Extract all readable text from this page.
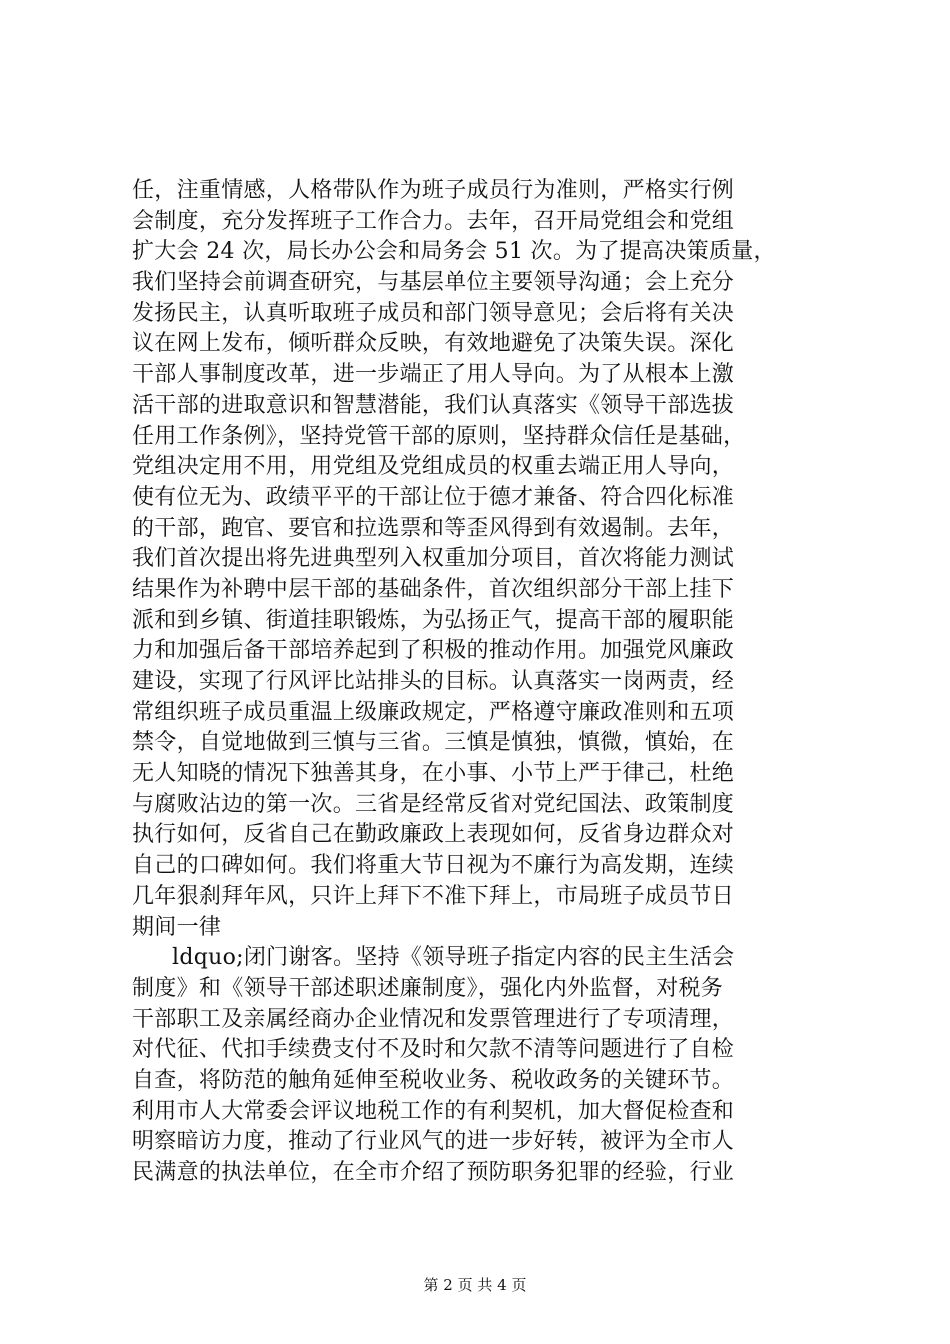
任，注重情感，人格带队作为班子成员行为准则，严格实行例
会制度，充分发挥班子工作合力。去年，召开局党组会和党组
扩大会 24 次，局长办公会和局务会 51 次。为了提高决策质量，
我们坚持会前调查研究，与基层单位主要领导沟通；会上充分
发扬民主，认真听取班子成员和部门领导意见；会后将有关决
议在网上发布，倾听群众反映，有效地避免了决策失误。深化
干部人事制度改革，进一步端正了用人导向。为了从根本上激
活干部的进取意识和智慧潜能，我们认真落实《领导干部选拔
任用工作条例》，坚持党管干部的原则，坚持群众信任是基础，
党组决定用不用，用党组及党组成员的权重去端正用人导向，
使有位无为、政绩平平的干部让位于德才兼备、符合四化标准
的干部，跑官、要官和拉选票和等歪风得到有效遏制。去年，
我们首次提出将先进典型列入权重加分项目，首次将能力测试
结果作为补聘中层干部的基础条件，首次组织部分干部上挂下
派和到乡镇、街道挂职锻炼，为弘扬正气，提高干部的履职能
力和加强后备干部培养起到了积极的推动作用。加强党风廉政
建设，实现了行风评比站排头的目标。认真落实一岗两责，经
常组织班子成员重温上级廉政规定，严格遵守廉政准则和五项
禁令，自觉地做到三慎与三省。三慎是慎独，慎微，慎始，在
无人知晓的情况下独善其身，在小事、小节上严于律己，杜绝
与腐败沾边的第一次。三省是经常反省对党纪国法、政策制度
执行如何，反省自己在勤政廉政上表现如何，反省身边群众对
自己的口碑如何。我们将重大节日视为不廉行为高发期，连续
几年狠刹拜年风，只许上拜下不准下拜上，市局班子成员节日
期间一律
ldquo;闭门谢客。坚持《领导班子指定内容的民主生活会
制度》和《领导干部述职述廉制度》，强化内外监督，对税务
干部职工及亲属经商办企业情况和发票管理进行了专项清理，
对代征、代扣手续费支付不及时和欠款不清等问题进行了自检
自查，将防范的触角延伸至税收业务、税收政务的关键环节。
利用市人大常委会评议地税工作的有利契机，加大督促检查和
明察暗访力度，推动了行业风气的进一步好转，被评为全市人
民满意的执法单位，在全市介绍了预防职务犯罪的经验，行业
第 2 页 共 4 页
